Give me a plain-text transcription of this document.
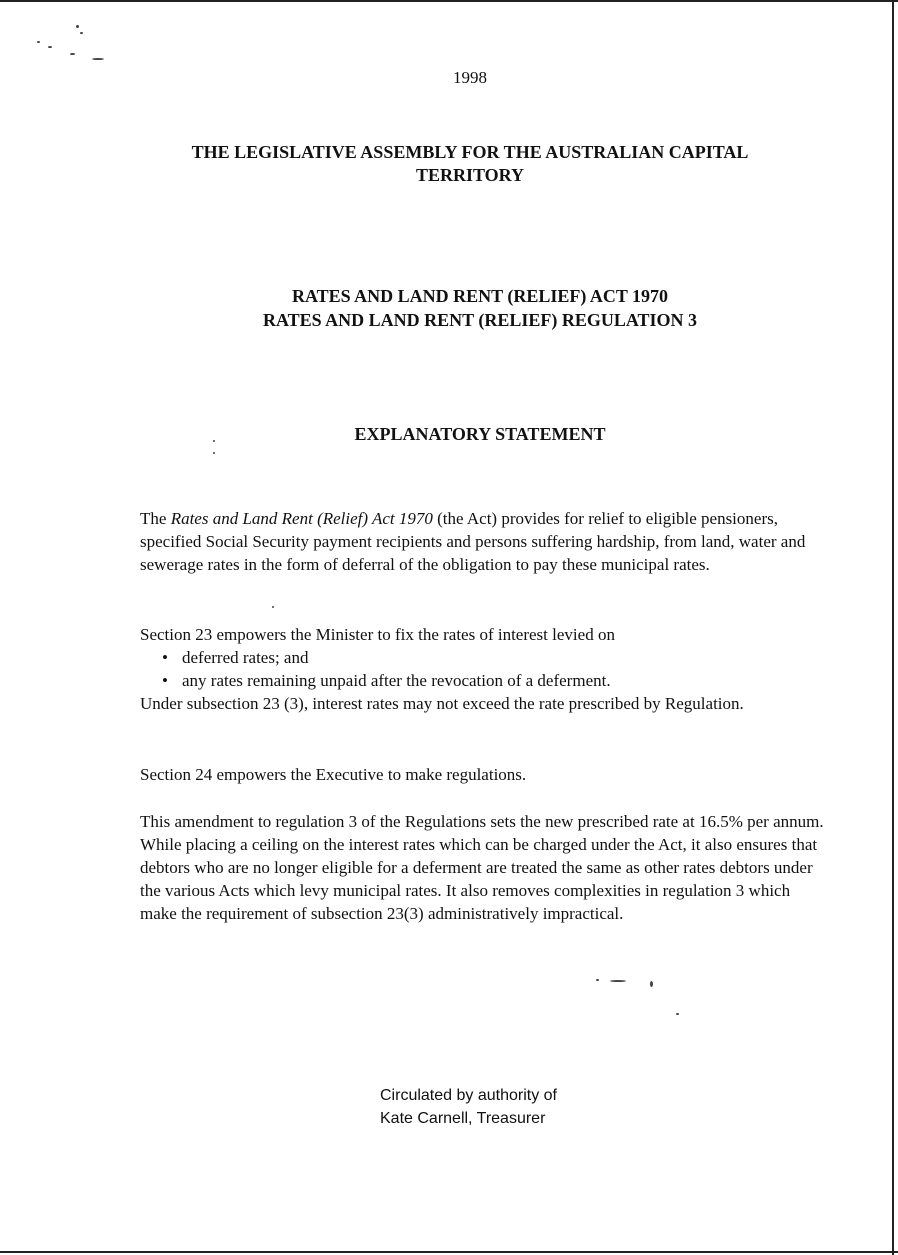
1998
THE LEGISLATIVE ASSEMBLY FOR THE AUSTRALIAN CAPITAL
TERRITORY
RATES AND LAND RENT (RELIEF) ACT 1970
RATES AND LAND RENT (RELIEF) REGULATION 3
EXPLANATORY STATEMENT

The Rates and Land Rent (Relief) Act 1970 (the Act) provides for relief to eligible pensioners, specified Social Security payment recipients and persons suffering hardship, from land, water and sewerage rates in the form of deferral of the obligation to pay these municipal rates.

Section 23 empowers the Minister to fix the rates of interest levied on

• deferred rates; and
• any rates remaining unpaid after the revocation of a deferment.

Under subsection 23 (3), interest rates may not exceed the rate prescribed by Regulation.

Section 24 empowers the Executive to make regulations.

This amendment to regulation 3 of the Regulations sets the new prescribed rate at 16.5% per annum. While placing a ceiling on the interest rates which can be charged under the Act, it also ensures that debtors who are no longer eligible for a deferment are treated the same as other rates debtors under the various Acts which levy municipal rates. It also removes complexities in regulation 3 which make the requirement of subsection 23(3) administratively impractical.

Circulated by authority of
Kate Carnell, Treasurer
